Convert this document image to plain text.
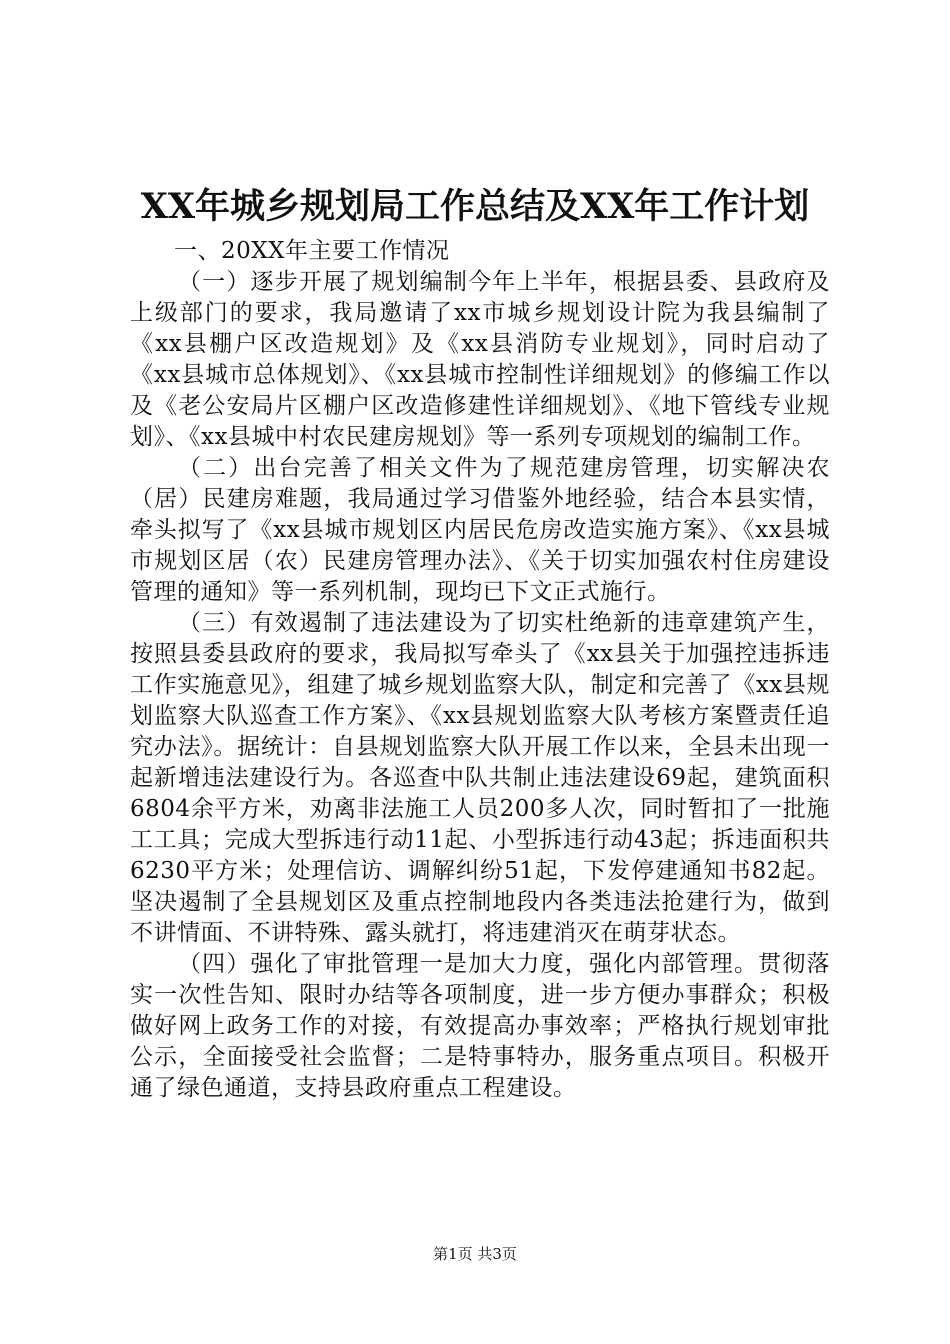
XX年城乡规划局工作总结及XX年工作计划

一、20XX年主要工作情况

（一）逐步开展了规划编制今年上半年，根据县委、县政府及上级部门的要求，我局邀请了xx市城乡规划设计院为我县编制了《xx县棚户区改造规划》及《xx县消防专业规划》，同时启动了《xx县城市总体规划》、《xx县城市控制性详细规划》的修编工作以及《老公安局片区棚户区改造修建性详细规划》、《地下管线专业规划》、《xx县城中村农民建房规划》等一系列专项规划的编制工作。

（二）出台完善了相关文件为了规范建房管理，切实解决农（居）民建房难题，我局通过学习借鉴外地经验，结合本县实情，牵头拟写了《xx县城市规划区内居民危房改造实施方案》、《xx县城市规划区居（农）民建房管理办法》、《关于切实加强农村住房建设管理的通知》等一系列机制，现均已下文正式施行。

（三）有效遏制了违法建设为了切实杜绝新的违章建筑产生，按照县委县政府的要求，我局拟写牵头了《xx县关于加强控违拆违工作实施意见》，组建了城乡规划监察大队，制定和完善了《xx县规划监察大队巡查工作方案》、《xx县规划监察大队考核方案暨责任追究办法》。据统计：自县规划监察大队开展工作以来，全县未出现一起新增违法建设行为。各巡查中队共制止违法建设69起，建筑面积6804余平方米，劝离非法施工人员200多人次，同时暂扣了一批施工工具；完成大型拆违行动11起、小型拆违行动43起；拆违面积共6230平方米；处理信访、调解纠纷51起，下发停建通知书82起。坚决遏制了全县规划区及重点控制地段内各类违法抢建行为，做到不讲情面、不讲特殊、露头就打，将违建消灭在萌芽状态。

（四）强化了审批管理一是加大力度，强化内部管理。贯彻落实一次性告知、限时办结等各项制度，进一步方便办事群众；积极做好网上政务工作的对接，有效提高办事效率；严格执行规划审批公示，全面接受社会监督；二是特事特办，服务重点项目。积极开通了绿色通道，支持县政府重点工程建设。

第1页 共3页
